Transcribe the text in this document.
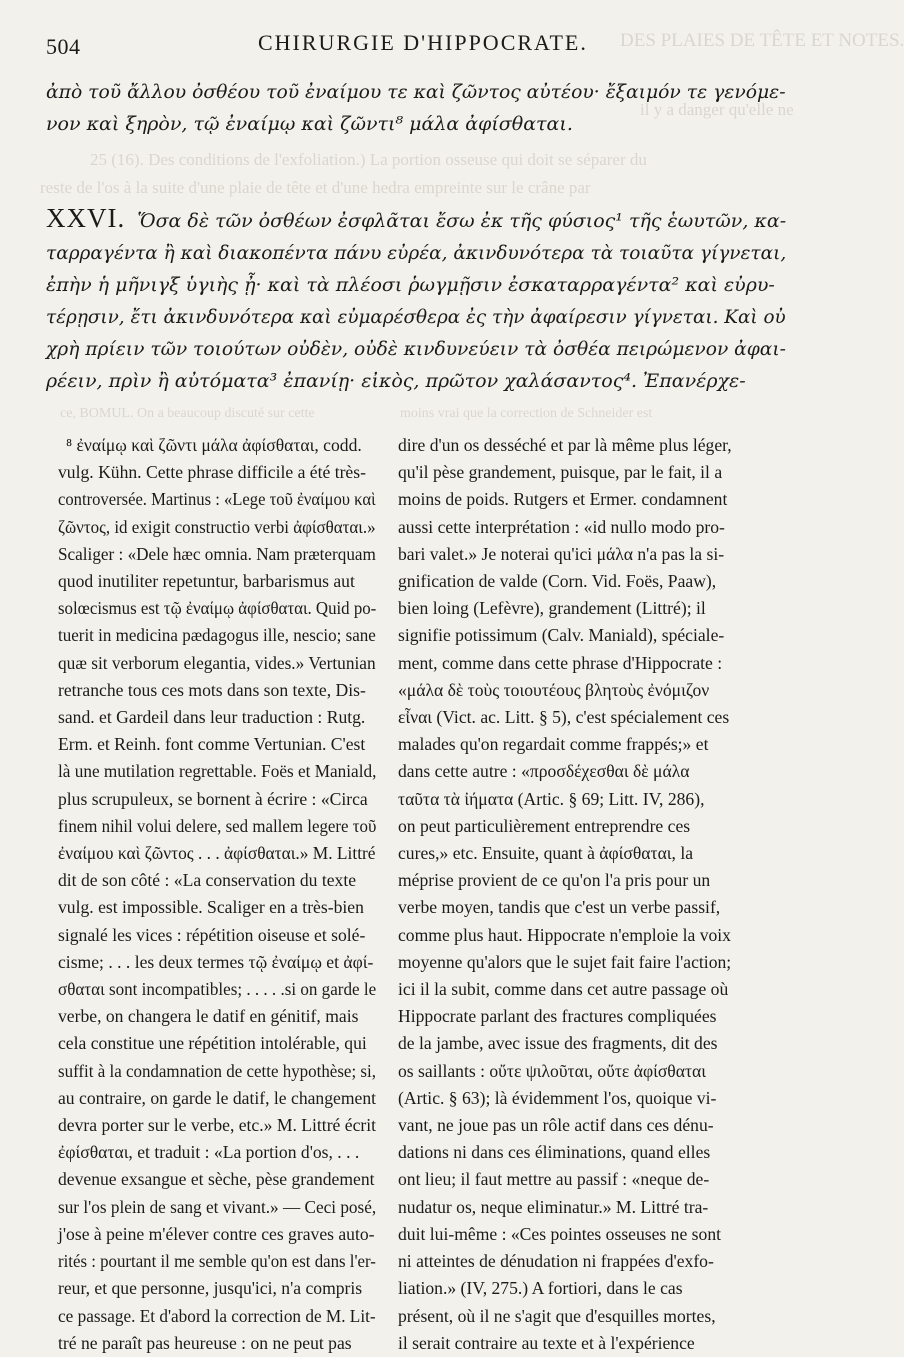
DES PLAIES DE TÊTE ET NOTES.
il y a danger qu'elle ne
25 (16). Des conditions de l'exfoliation.) La portion osseuse qui doit se séparer du
reste de l'os à la suite d'une plaie de tête et d'une hedra empreinte sur le crâne par
moins vrai que la correction de Schneider est
ce, BOMUL. On a beaucoup discuté sur cette
504	CHIRURGIE D'HIPPOCRATE.

ἀπὸ τοῦ ἄλλου ὀσθέου τοῦ ἐναίμου τε καὶ ζῶντος αὐτέου· ἔξαιμόν τε γενόμε-

νον καὶ ξηρὸν, τῷ ἐναίμῳ καὶ ζῶντι⁸ μάλα ἀφίσθαται.

XXVI. Ὅσα δὲ τῶν ὀσθέων ἐσφλᾶται ἔσω ἐκ τῆς φύσιος¹ τῆς ἑωυτῶν, κα-

ταρραγέντα ἢ καὶ διακοπέντα πάνυ εὐρέα, ἀκινδυνότερα τὰ τοιαῦτα γίγνεται,

ἐπὴν ἡ μῆνιγξ ὑγιὴς ᾖ· καὶ τὰ πλέοσι ῥωγμῇσιν ἐσκαταρραγέντα² καὶ εὐρυ-

τέρῃσιν, ἔτι ἀκινδυνότερα καὶ εὐμαρέσθερα ἐς τὴν ἀφαίρεσιν γίγνεται. Καὶ οὐ

χρὴ πρίειν τῶν τοιούτων οὐδὲν, οὐδὲ κινδυνεύειν τὰ ὀσθέα πειρώμενον ἀφαι-

ρέειν, πρὶν ἢ αὐτόματα³ ἐπανίῃ· εἰκὸς, πρῶτον χαλάσαντος⁴. Ἐπανέρχε-

⁸ ἐναίμῳ καὶ ζῶντι μάλα ἀφίσθαται, codd.

vulg. Kühn. Cette phrase difficile a été très-

controversée. Martinus : «Lege τοῦ ἐναίμου καὶ

ζῶντος, id exigit constructio verbi ἀφίσθαται.»

Scaliger : «Dele hæc omnia. Nam præterquam

quod inutiliter repetuntur, barbarismus aut

solœcismus est τῷ ἐναίμῳ ἀφίσθαται. Quid po-

tuerit in medicina pædagogus ille, nescio; sane

quæ sit verborum elegantia, vides.» Vertunian

retranche tous ces mots dans son texte, Dis-

sand. et Gardeil dans leur traduction : Rutg.

Erm. et Reinh. font comme Vertunian. C'est

là une mutilation regrettable. Foës et Maniald,

plus scrupuleux, se bornent à écrire : «Circa

finem nihil volui delere, sed mallem legere τοῦ

ἐναίμου καὶ ζῶντος . . . ἀφίσθαται.» M. Littré

dit de son côté : «La conservation du texte

vulg. est impossible. Scaliger en a très-bien

signalé les vices : répétition oiseuse et solé-

cisme; . . . les deux termes τῷ ἐναίμῳ et ἀφί-

σθαται sont incompatibles; . . . . .si on garde le

verbe, on changera le datif en génitif, mais

cela constitue une répétition intolérable, qui

suffit à la condamnation de cette hypothèse; si,

au contraire, on garde le datif, le changement

devra porter sur le verbe, etc.» M. Littré écrit

ἐφίσθαται, et traduit : «La portion d'os, . . .

devenue exsangue et sèche, pèse grandement

sur l'os plein de sang et vivant.» — Ceci posé,

j'ose à peine m'élever contre ces graves auto-

rités : pourtant il me semble qu'on est dans l'er-

reur, et que personne, jusqu'ici, n'a compris

ce passage. Et d'abord la correction de M. Lit-

tré ne paraît pas heureuse : on ne peut pas

dire d'un os desséché et par là même plus léger,

qu'il pèse grandement, puisque, par le fait, il a

moins de poids. Rutgers et Ermer. condamnent

aussi cette interprétation : «id nullo modo pro-

bari valet.» Je noterai qu'ici μάλα n'a pas la si-

gnification de valde (Corn. Vid. Foës, Paaw),

bien loing (Lefèvre), grandement (Littré); il

signifie potissimum (Calv. Maniald), spéciale-

ment, comme dans cette phrase d'Hippocrate :

«μάλα δὲ τοὺς τοιουτέους βλητοὺς ἐνόμιζον

εἶναι (Vict. ac. Litt. § 5), c'est spécialement ces

malades qu'on regardait comme frappés;» et

dans cette autre : «προσδέχεσθαι δὲ μάλα

ταῦτα τὰ ἰήματα (Artic. § 69; Litt. IV, 286),

on peut particulièrement entreprendre ces

cures,» etc. Ensuite, quant à ἀφίσθαται, la

méprise provient de ce qu'on l'a pris pour un

verbe moyen, tandis que c'est un verbe passif,

comme plus haut. Hippocrate n'emploie la voix

moyenne qu'alors que le sujet fait faire l'action;

ici il la subit, comme dans cet autre passage où

Hippocrate parlant des fractures compliquées

de la jambe, avec issue des fragments, dit des

os saillants : οὔτε ψιλοῦται, οὔτε ἀφίσθαται

(Artic. § 63); là évidemment l'os, quoique vi-

vant, ne joue pas un rôle actif dans ces dénu-

dations ni dans ces éliminations, quand elles

ont lieu; il faut mettre au passif : «neque de-

nudatur os, neque eliminatur.» M. Littré tra-

duit lui-même : «Ces pointes osseuses ne sont

ni atteintes de dénudation ni frappées d'exfo-

liation.» (IV, 275.) A fortiori, dans le cas

présent, où il ne s'agit que d'esquilles mortes,

il serait contraire au texte et à l'expérience
